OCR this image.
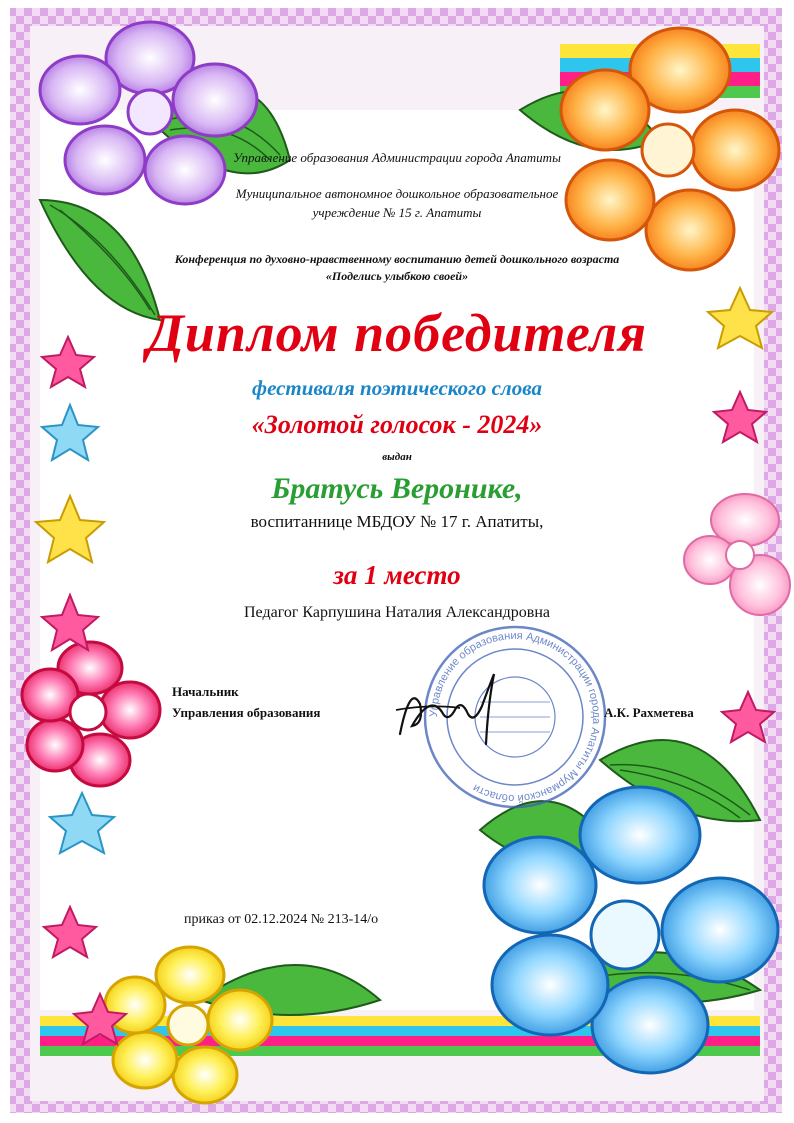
Управление образования Администрации города Апатиты

Муниципальное автономное дошкольное образовательное
учреждение № 15 г. Апатиты

Конференция по духовно-нравственному воспитанию детей дошкольного возраста
«Поделись улыбкою своей»

Диплом победителя

фестиваля поэтического слова

«Золотой голосок - 2024»

выдан

Братусь Веронике,

воспитаннице МБДОУ № 17 г. Апатиты,

за 1 место

Педагог Карпушина Наталия Александровна

Управление образования Администрации города Апатиты Мурманской области
Начальник
Управления образования	А.К. Рахметева
приказ от 02.12.2024 № 213-14/о
